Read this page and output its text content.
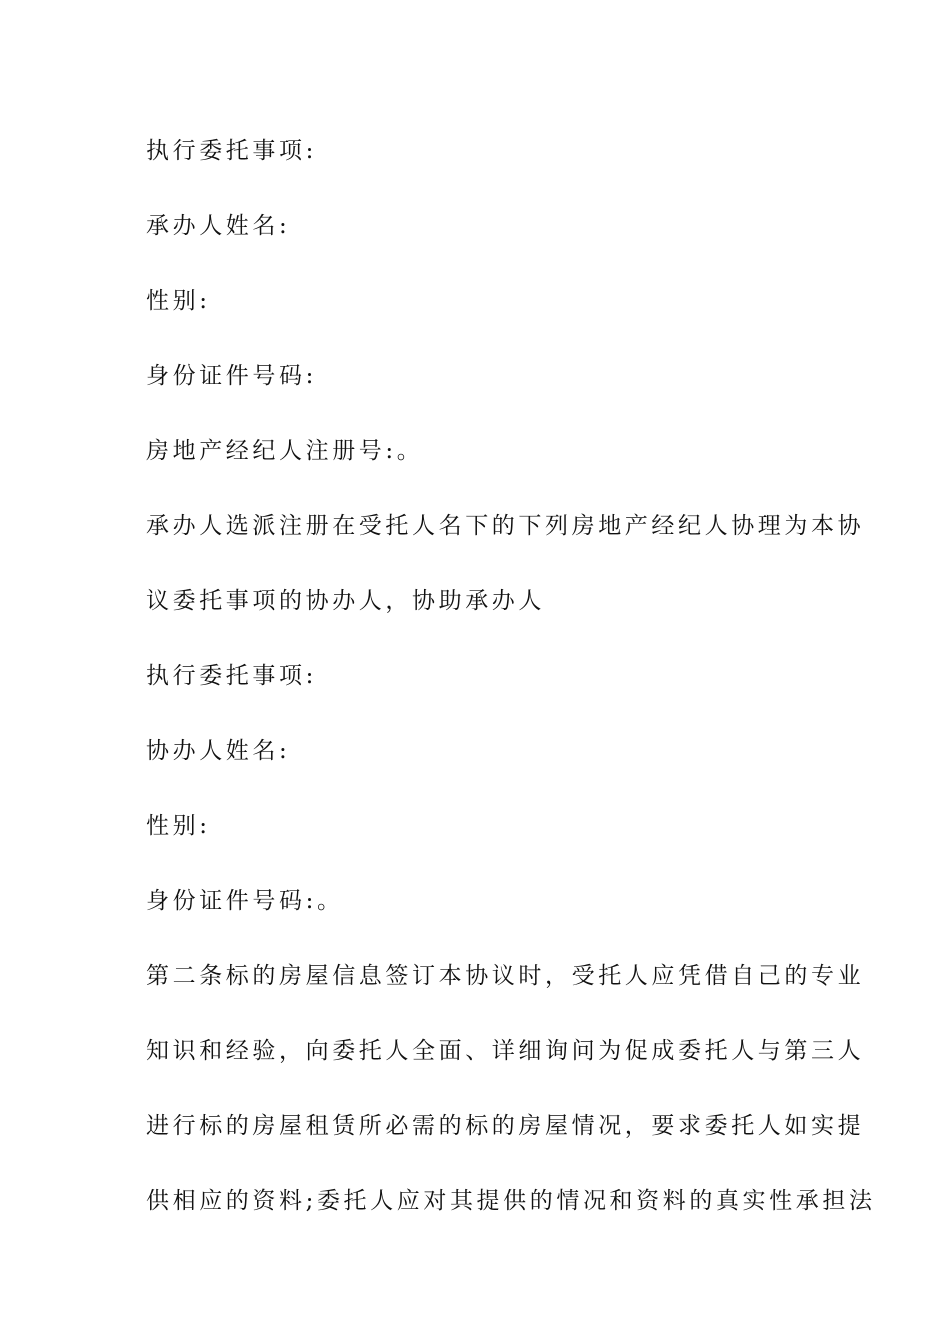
执行委托事项:
承办人姓名:
性别:
身份证件号码:
房地产经纪人注册号:。
承办人选派注册在受托人名下的下列房地产经纪人协理为本协
议委托事项的协办人，协助承办人
执行委托事项:
协办人姓名:
性别:
身份证件号码:。
第二条标的房屋信息签订本协议时，受托人应凭借自己的专业
知识和经验，向委托人全面、详细询问为促成委托人与第三人
进行标的房屋租赁所必需的标的房屋情况，要求委托人如实提
供相应的资料;委托人应对其提供的情况和资料的真实性承担法
